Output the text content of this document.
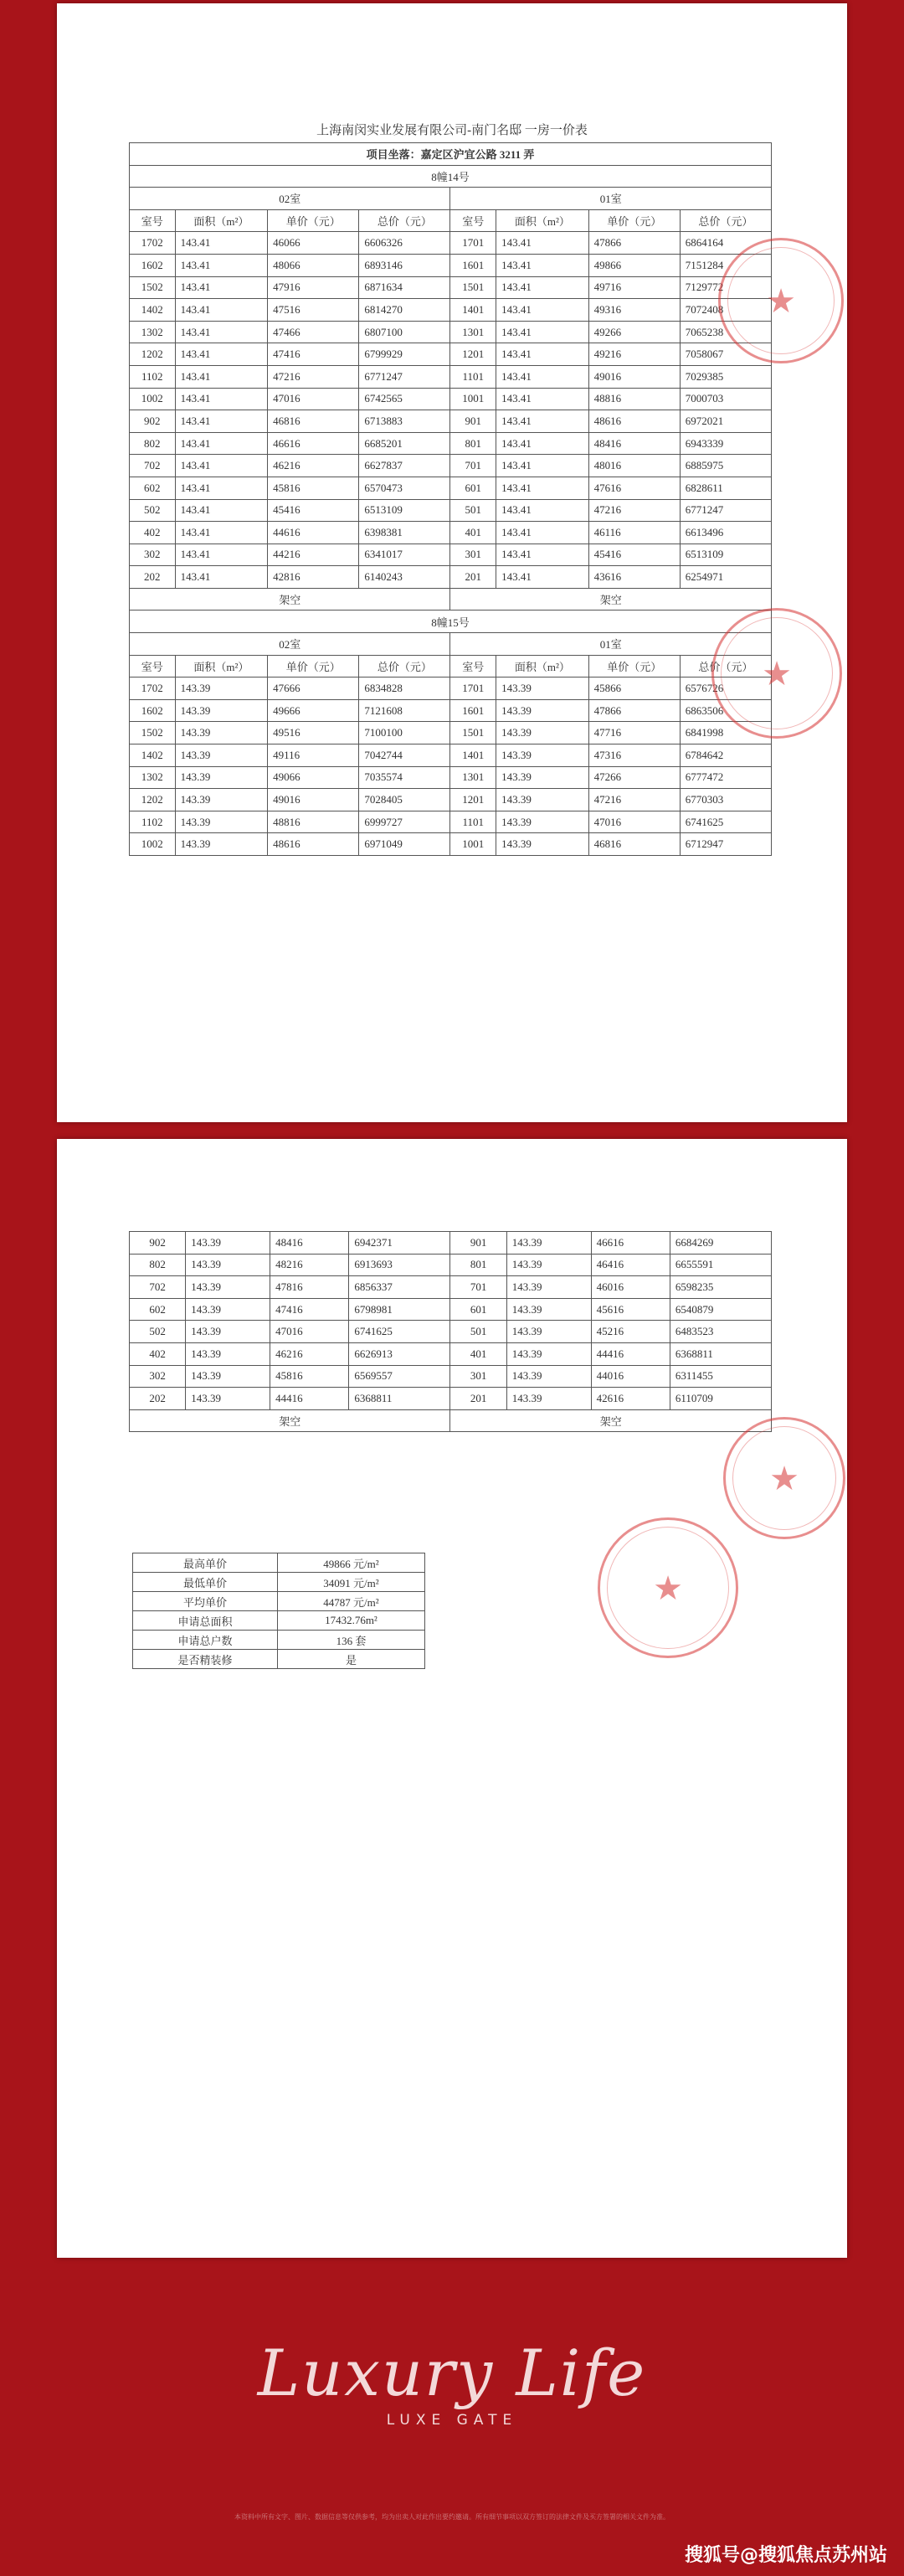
上海南闵实业发展有限公司-南门名邸 一房一价表
项目坐落：嘉定区沪宜公路 3211 弄							
8幢14号							
02室				01室			
室号	面积（m²）	单价（元）	总价（元）	室号	面积（m²）	单价（元）	总价（元）
1702	143.41	46066	6606326	1701	143.41	47866	6864164
1602	143.41	48066	6893146	1601	143.41	49866	7151284
1502	143.41	47916	6871634	1501	143.41	49716	7129772
1402	143.41	47516	6814270	1401	143.41	49316	7072408
1302	143.41	47466	6807100	1301	143.41	49266	7065238
1202	143.41	47416	6799929	1201	143.41	49216	7058067
1102	143.41	47216	6771247	1101	143.41	49016	7029385
1002	143.41	47016	6742565	1001	143.41	48816	7000703
902	143.41	46816	6713883	901	143.41	48616	6972021
802	143.41	46616	6685201	801	143.41	48416	6943339
702	143.41	46216	6627837	701	143.41	48016	6885975
602	143.41	45816	6570473	601	143.41	47616	6828611
502	143.41	45416	6513109	501	143.41	47216	6771247
402	143.41	44616	6398381	401	143.41	46116	6613496
302	143.41	44216	6341017	301	143.41	45416	6513109
202	143.41	42816	6140243	201	143.41	43616	6254971
架空				架空			
8幢15号							
02室				01室			
室号	面积（m²）	单价（元）	总价（元）	室号	面积（m²）	单价（元）	总价（元）
1702	143.39	47666	6834828	1701	143.39	45866	6576726
1602	143.39	49666	7121608	1601	143.39	47866	6863506
1502	143.39	49516	7100100	1501	143.39	47716	6841998
1402	143.39	49116	7042744	1401	143.39	47316	6784642
1302	143.39	49066	7035574	1301	143.39	47266	6777472
1202	143.39	49016	7028405	1201	143.39	47216	6770303
1102	143.39	48816	6999727	1101	143.39	47016	6741625
1002	143.39	48616	6971049	1001	143.39	46816	6712947
★
★
902	143.39	48416	6942371	901	143.39	46616	6684269
802	143.39	48216	6913693	801	143.39	46416	6655591
702	143.39	47816	6856337	701	143.39	46016	6598235
602	143.39	47416	6798981	601	143.39	45616	6540879
502	143.39	47016	6741625	501	143.39	45216	6483523
402	143.39	46216	6626913	401	143.39	44416	6368811
302	143.39	45816	6569557	301	143.39	44016	6311455
202	143.39	44416	6368811	201	143.39	42616	6110709
架空				架空			
最高单价	49866 元/m²
最低单价	34091 元/m²
平均单价	44787 元/m²
申请总面积	17432.76m²
申请总户数	136 套
是否精装修	是
★
★
Luxury Life
LUXE GATE
本资料中所有文字、图片、数据信息等仅供参考，均为出卖人对此作出要约邀请。所有细节事项以双方签订的法律文件及买方签署的相关文件为准。
搜狐号@搜狐焦点苏州站
